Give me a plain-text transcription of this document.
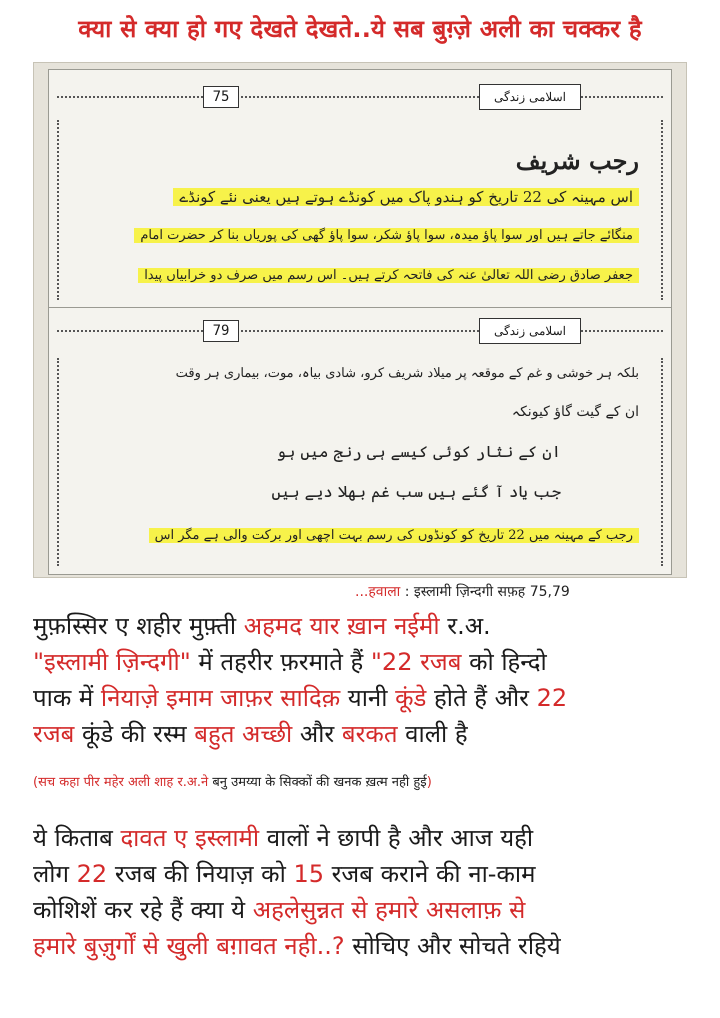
क्या से क्या हो गए देखते देखते..ये सब बुग़्ज़े अली का चक्कर है
75	اسلامی زندگی
رجب شریف
اس مہینہ کی 22 تاریخ کو ہندو پاک میں کونڈے ہوتے ہیں یعنی نئے کونڈے
منگائے جاتے ہیں اور سوا پاؤ میدہ، سوا پاؤ شکر، سوا پاؤ گھی کی پوریاں بنا کر حضرت امام
جعفر صادق رضی اللہ تعالیٰ عنہ کی فاتحہ کرتے ہیں۔ اس رسم میں صرف دو خرابیاں پیدا
79	اسلامی زندگی
بلکہ ہر خوشی و غم کے موقعہ پر میلاد شریف کرو، شادی بیاہ، موت، بیماری ہر وقت
ان کے گیت گاؤ کیونکہ
ان کے نثار کوئی کیسے ہی رنج میں ہو
جب یاد آ گئے ہیں سب غم بھلا دیے ہیں
رجب کے مہینہ میں 22 تاریخ کو کونڈوں کی رسم بہت اچھی اور برکت والی ہے مگر اس
...हवाला : इस्लामी ज़िन्दगी सफ़ह 75,79
मुफ़स्सिर ए शहीर मुफ़्ती अहमद यार ख़ान नईमी र.अ.
"इस्लामी ज़िन्दगी" में तहरीर फ़रमाते हैं "22 रजब को हिन्दो
पाक में नियाज़े इमाम जाफ़र सादिक़ यानी कूंडे होते हैं और 22
रजब कूंडे की रस्म बहुत अच्छी और बरकत वाली है
(सच कहा पीर महेर अली शाह र.अ.ने बनु उमय्या के सिक्कों की खनक ख़त्म नही हुई)
ये किताब दावत ए इस्लामी वालों ने छापी है और आज यही
लोग 22 रजब की नियाज़ को 15 रजब कराने की ना-काम
कोशिशें कर रहे हैं क्या ये अहलेसुन्नत से हमारे असलाफ़ से
हमारे बुज़ुर्गों से खुली बग़ावत नही..? सोचिए और सोचते रहिये
